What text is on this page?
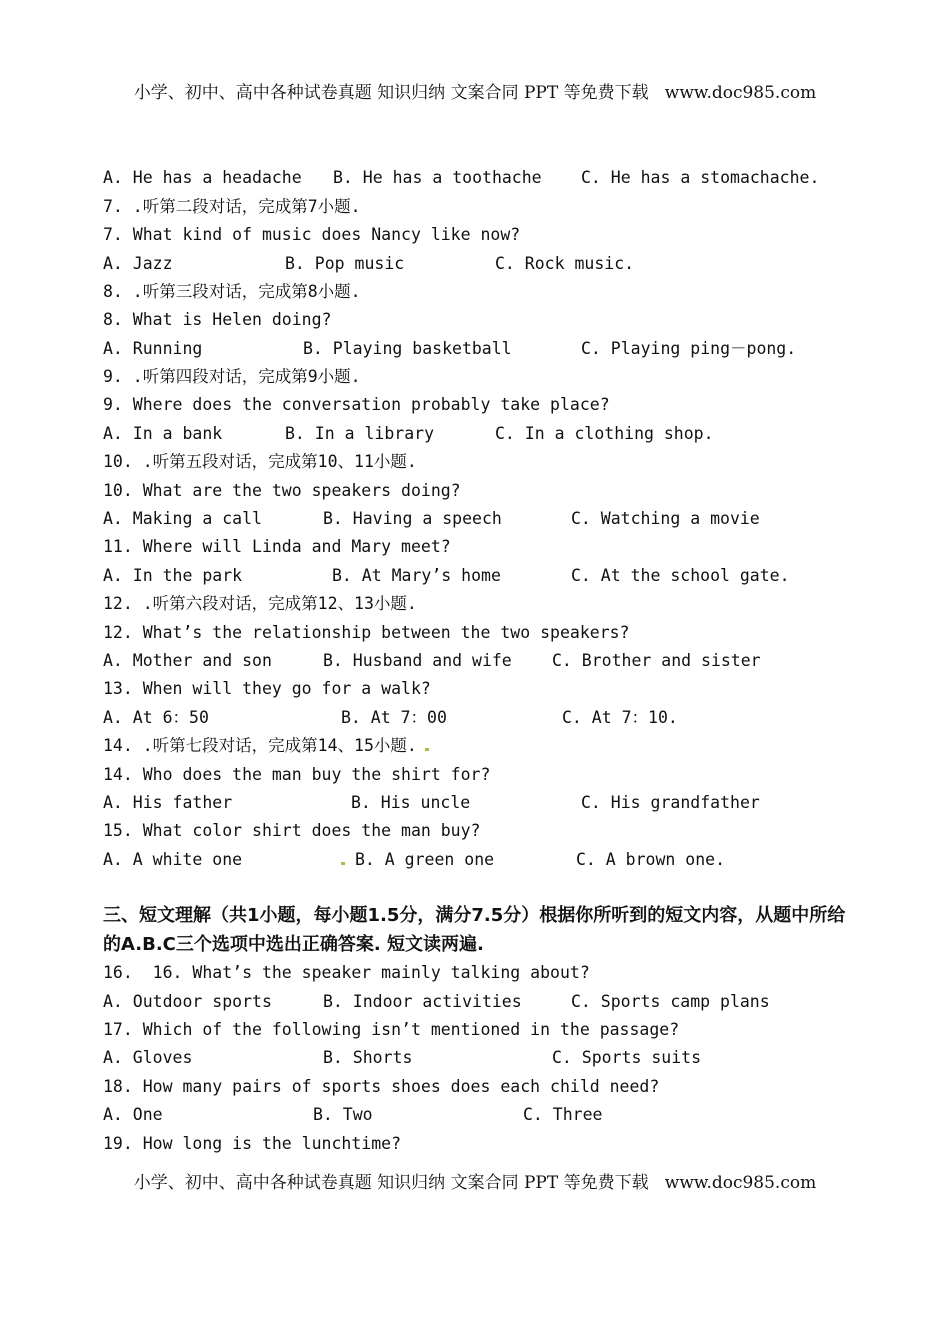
小学、初中、高中各种试卷真题 知识归纳 文案合同 PPT 等免费下载   www.doc985.com
A. He has a headache B. He has a toothache C. He has a stomachache.
7. .听第二段对话，完成第7小题.
7. What kind of music does Nancy like now?
A. Jazz	B. Pop music	C. Rock music.
8. .听第三段对话，完成第8小题.
8. What is Helen doing?
A. Running	B. Playing basketball	C. Playing ping－pong.
9. .听第四段对话，完成第9小题.
9. Where does the conversation probably take place?
A. In a bank	B. In a library	C. In a clothing shop.
10. .听第五段对话，完成第10、11小题.
10. What are the two speakers doing?
A. Making a call	B. Having a speech	C. Watching a movie
11. Where will Linda and Mary meet?
A. In the park	B. At Mary’s home	C. At the school gate.
12. .听第六段对话，完成第12、13小题.
12. What’s the relationship between the two speakers?
A. Mother and son	B. Husband and wife C. Brother and sister
13. When will they go for a walk?
A. At 6：50	B. At 7：00	C. At 7：10.
14. .听第七段对话，完成第14、15小题.
14. Who does the man buy the shirt for?
A. His father	B. His uncle	C. His grandfather
15. What color shirt does the man buy?
A. A white one	B. A green one	C. A brown one.
三、短文理解（共1小题，每小题1.5分，满分7.5分）根据你所听到的短文内容，从题中所给的A.B.C三个选项中选出正确答案. 短文读两遍.
16.  16. What’s the speaker mainly talking about?
A. Outdoor sports	B. Indoor activities	C. Sports camp plans
17. Which of the following isn’t mentioned in the passage?
A. Gloves	B. Shorts	C. Sports suits
18. How many pairs of sports shoes does each child need?
A. One	B. Two	C. Three
19. How long is the lunchtime?
小学、初中、高中各种试卷真题 知识归纳 文案合同 PPT 等免费下载   www.doc985.com
